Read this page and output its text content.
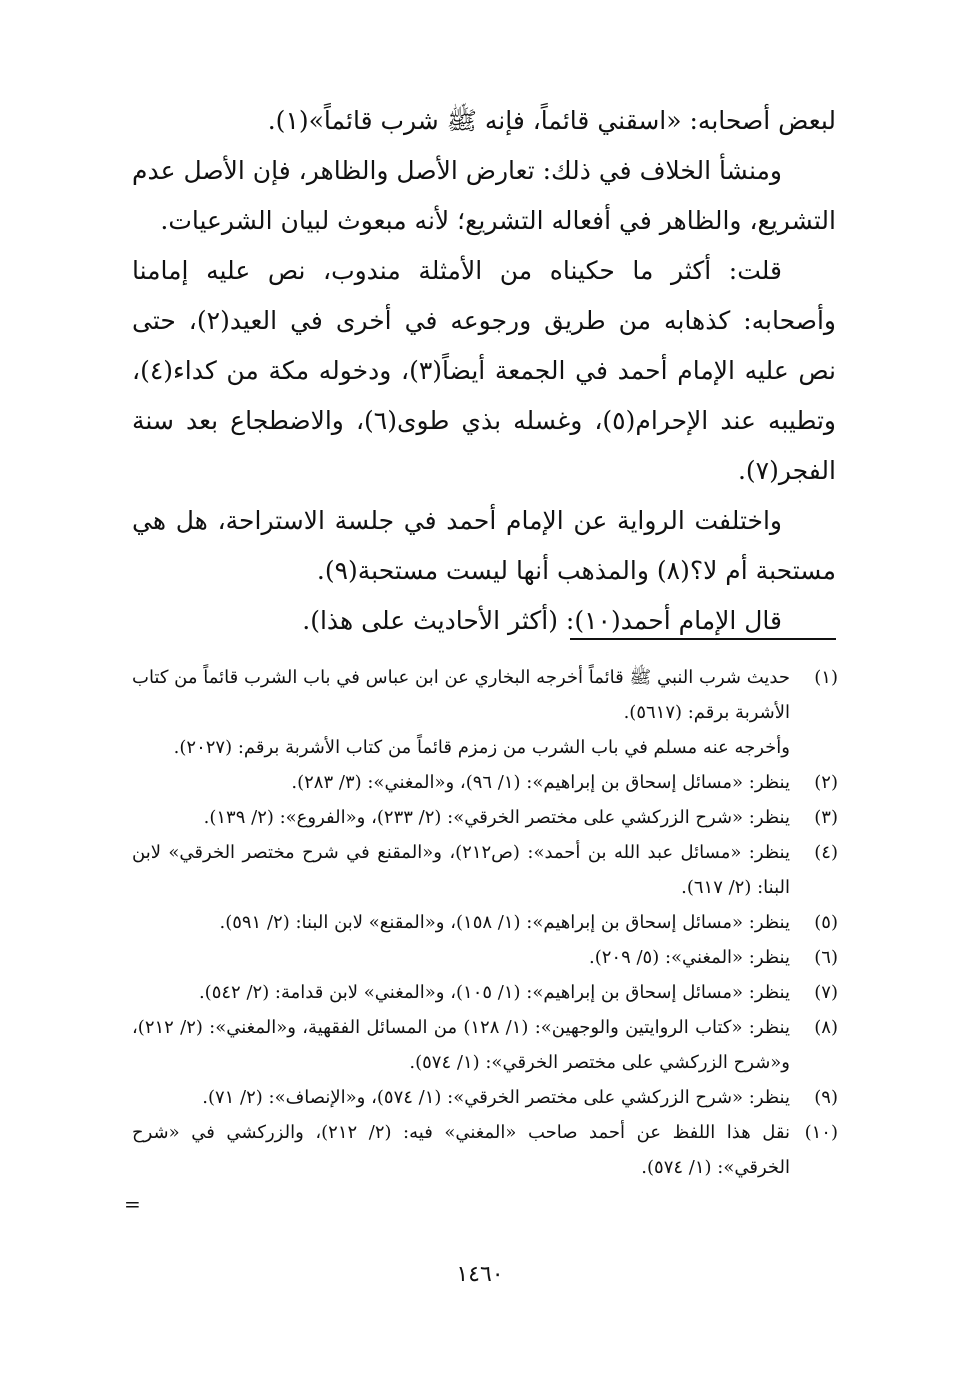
لبعض أصحابه: «اسقني قائماً، فإنه ﷺ شرب قائماً»(١).

ومنشأ الخلاف في ذلك: تعارض الأصل والظاهر، فإن الأصل عدم التشريع، والظاهر في أفعاله التشريع؛ لأنه مبعوث لبيان الشرعيات.

قلت: أكثر ما حكيناه من الأمثلة مندوب، نص عليه إمامنا وأصحابه: كذهابه من طريق ورجوعه في أخرى في العيد(٢)، حتى نص عليه الإمام أحمد في الجمعة أيضاً(٣)، ودخوله مكة من كداء(٤)، وتطيبه عند الإحرام(٥)، وغسله بذي طوى(٦)، والاضطجاع بعد سنة الفجر(٧).

واختلفت الرواية عن الإمام أحمد في جلسة الاستراحة، هل هي مستحبة أم لا؟(٨) والمذهب أنها ليست مستحبة(٩).

قال الإمام أحمد(١٠): (أكثر الأحاديث على هذا).

(١)
حديث شرب النبي ﷺ قائماً أخرجه البخاري عن ابن عباس في باب الشرب قائماً من كتاب الأشربة برقم: (٥٦١٧).

وأخرجه عنه مسلم في باب الشرب من زمزم قائماً من كتاب الأشربة برقم: (٢٠٢٧).

(٢)
ينظر: «مسائل إسحاق بن إبراهيم»: (١/ ٩٦)، و«المغني»: (٣/ ٢٨٣).
(٣)
ينظر: «شرح الزركشي على مختصر الخرقي»: (٢/ ٢٣٣)، و«الفروع»: (٢/ ١٣٩).
(٤)
ينظر: «مسائل عبد الله بن أحمد»: (ص٢١٢)، و«المقنع في شرح مختصر الخرقي» لابن البنا: (٢/ ٦١٧).
(٥)
ينظر: «مسائل إسحاق بن إبراهيم»: (١/ ١٥٨)، و«المقنع» لابن البنا: (٢/ ٥٩١).
(٦)
ينظر: «المغني»: (٥/ ٢٠٩).
(٧)
ينظر: «مسائل إسحاق بن إبراهيم»: (١/ ١٠٥)، و«المغني» لابن قدامة: (٢/ ٥٤٢).
(٨)
ينظر: «كتاب الروايتين والوجهين»: (١/ ١٢٨) من المسائل الفقهية، و«المغني»: (٢/ ٢١٢)، و«شرح الزركشي على مختصر الخرقي»: (١/ ٥٧٤).
(٩)
ينظر: «شرح الزركشي على مختصر الخرقي»: (١/ ٥٧٤)، و«الإنصاف»: (٢/ ٧١).
(١٠)
نقل هذا اللفظ عن أحمد صاحب «المغني» فيه: (٢/ ٢١٢)، والزركشي في «شرح الخرقي»: (١/ ٥٧٤).
=
١٤٦٠
